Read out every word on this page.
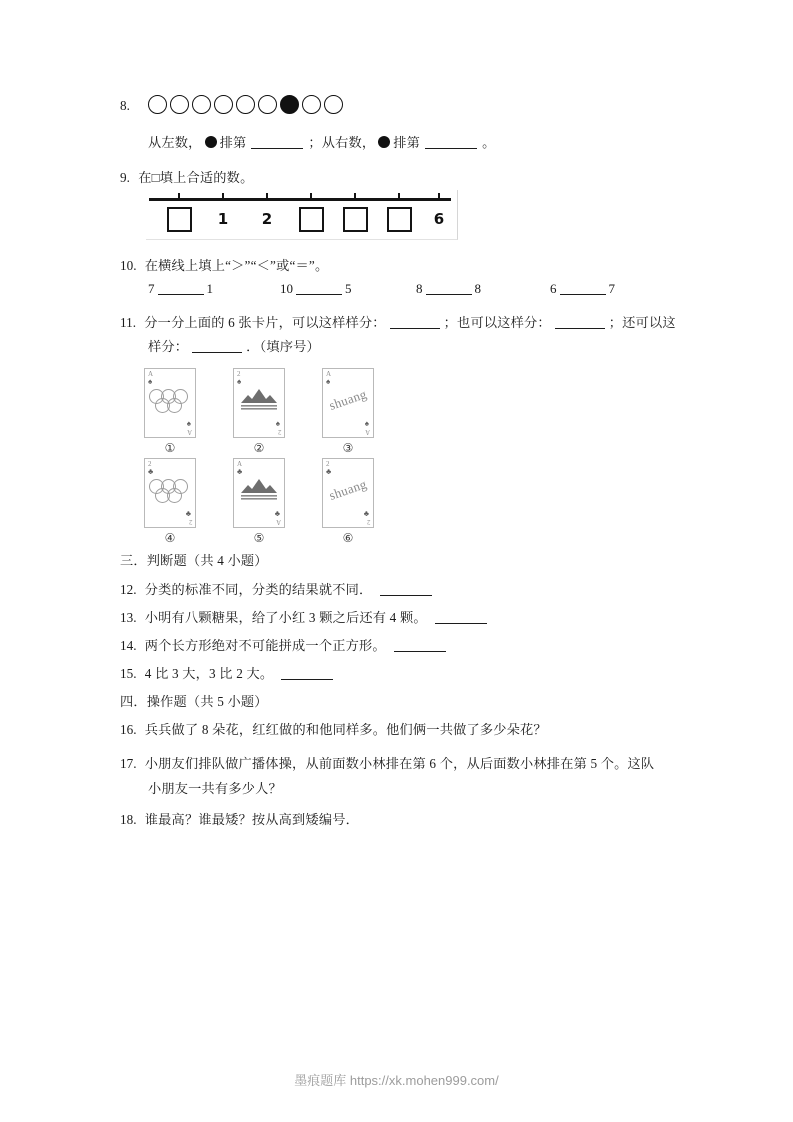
8.
从左数， 排第	；从右数， 排第	。
9. 在□填上合适的数。
1	2	6
10. 在横线上填上“＞”“＜”或“＝”。
7	1	10	5	8	8	6	7
11. 分一分上面的 6 张卡片，可以这样样分：	；也可以这样分：	；还可以这
样分：	．（填序号）
A
♠
♠
A
①
2
♠
♠
2
②
A
♠
shuang
♠
A
③
2
♣
♣
2
④
A
♣
♣
A
⑤
2
♣
shuang
♣
2
⑥
三．判断题（共 4 小题）
12. 分类的标准不同，分类的结果就不同．
13. 小明有八颗糖果，给了小红 3 颗之后还有 4 颗。
14. 两个长方形绝对不可能拼成一个正方形。
15. 4 比 3 大，3 比 2 大。
四．操作题（共 5 小题）
16. 兵兵做了 8 朵花，红红做的和他同样多。他们俩一共做了多少朵花？
17. 小朋友们排队做广播体操，从前面数小林排在第 6 个，从后面数小林排在第 5 个。这队
小朋友一共有多少人？
18. 谁最高？谁最矮？按从高到矮编号．
墨痕题库 https://xk.mohen999.com/
